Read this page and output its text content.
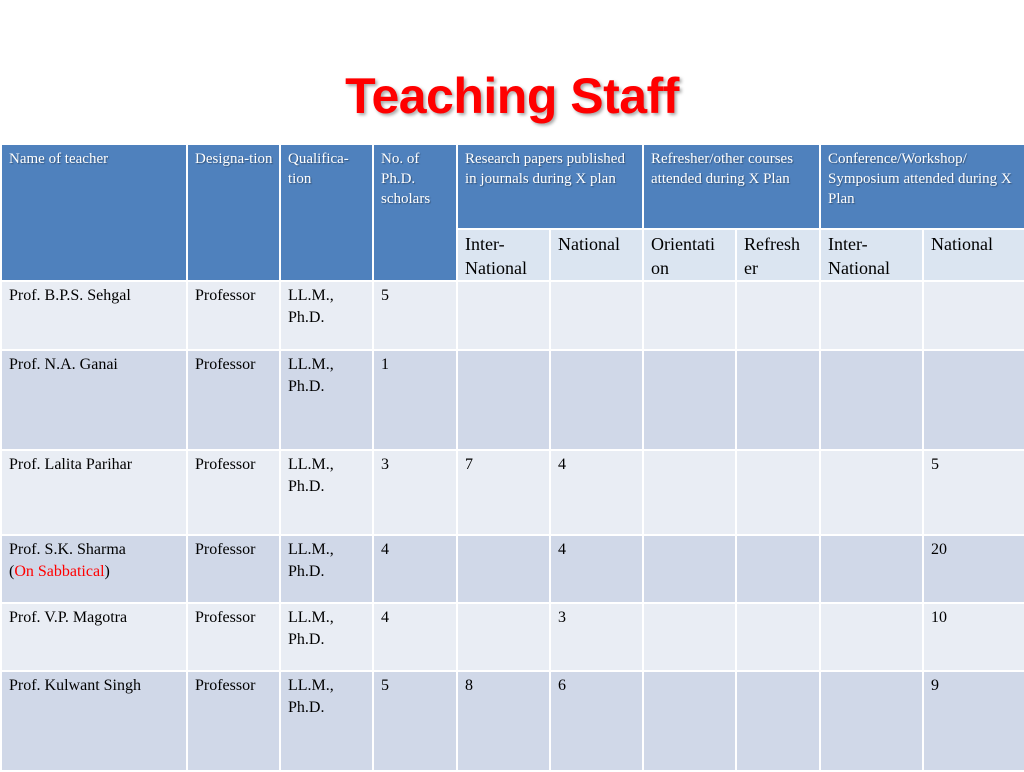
Teaching Staff
Name of teacher	Designa-tion	Qualifica-tion	No. of Ph.D. scholars	Research papers published in journals during X plan		Refresher/other courses attended during X Plan		Conference/Workshop/ Symposium attended during X Plan	
				Inter-National	National	Orientati on	Refresh er	Inter-National	National
Prof. B.P.S. Sehgal	Professor	LL.M., Ph.D.	5						
Prof. N.A. Ganai	Professor	LL.M., Ph.D.	1						
Prof. Lalita Parihar	Professor	LL.M., Ph.D.	3	7	4				5
Prof. S.K. Sharma
(On Sabbatical)	Professor	LL.M., Ph.D.	4		4				20
Prof. V.P. Magotra	Professor	LL.M., Ph.D.	4		3				10
Prof. Kulwant Singh	Professor	LL.M., Ph.D.	5	8	6				9
